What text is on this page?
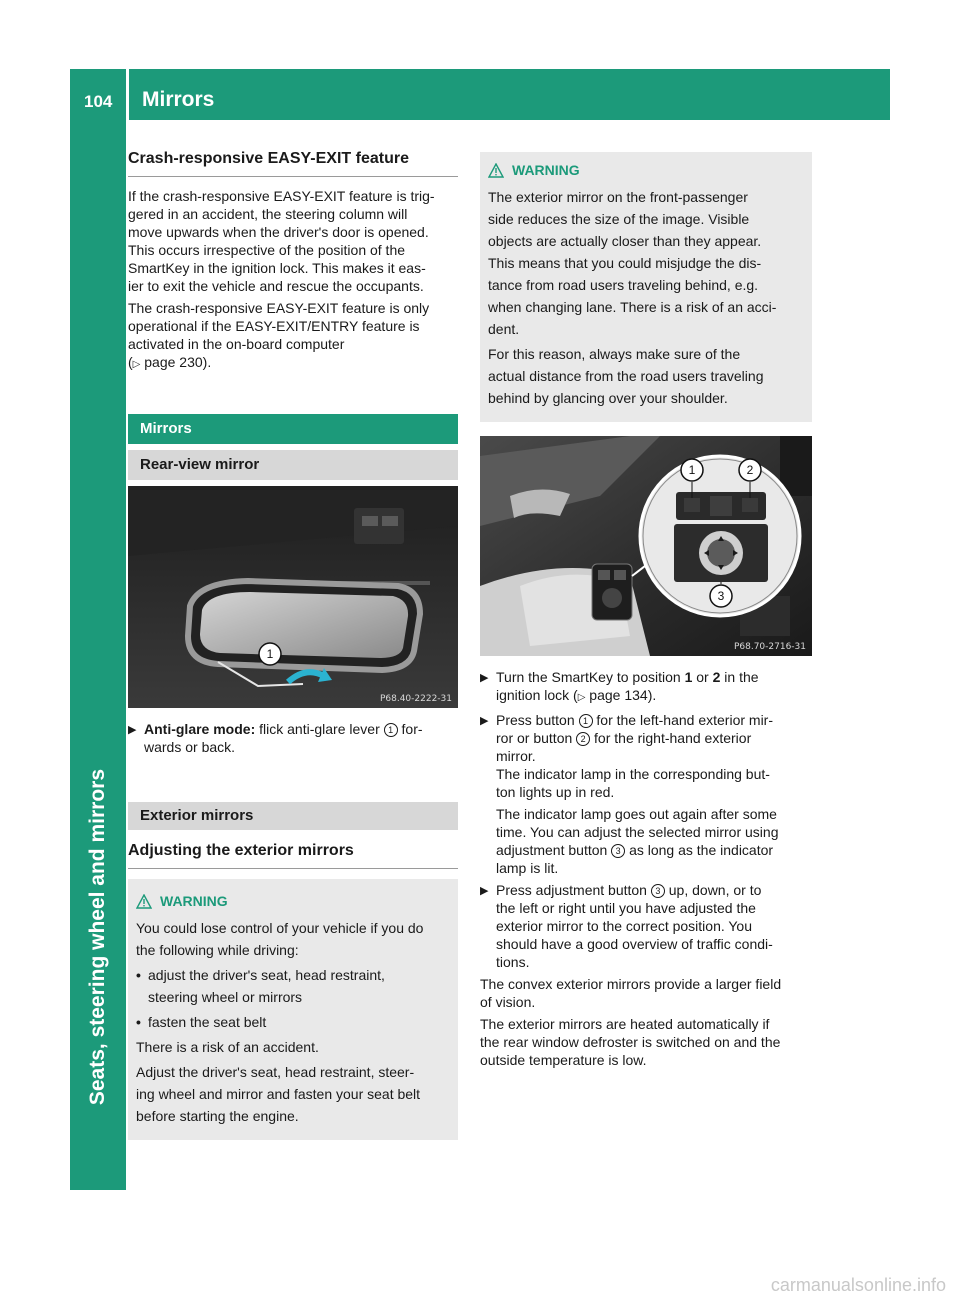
104 Mirrors
Seats, steering wheel and mirrors
Crash-responsive EASY-EXIT feature

If the crash-responsive EASY-EXIT feature is trig-
gered in an accident, the steering column will
move upwards when the driver's door is opened.
This occurs irrespective of the position of the
SmartKey in the ignition lock. This makes it eas-
ier to exit the vehicle and rescue the occupants.

The crash-responsive EASY-EXIT feature is only
operational if the EASY-EXIT/ENTRY feature is
activated in the on-board computer
(▷ page 230).

Mirrors
Rear-view mirror
1
P68.40-2222-31
▶ Anti-glare mode: flick anti-glare lever 1 for-
wards or back.
Exterior mirrors
Adjusting the exterior mirrors
WARNING

You could lose control of your vehicle if you do
the following while driving:

• adjust the driver's seat, head restraint,
steering wheel or mirrors
• fasten the seat belt

There is a risk of an accident.

Adjust the driver's seat, head restraint, steer-
ing wheel and mirror and fasten your seat belt
before starting the engine.

WARNING

The exterior mirror on the front-passenger
side reduces the size of the image. Visible
objects are actually closer than they appear.
This means that you could misjudge the dis-
tance from road users traveling behind, e.g.
when changing lane. There is a risk of an acci-
dent.

For this reason, always make sure of the
actual distance from the road users traveling
behind by glancing over your shoulder.

1	2
3
P68.70-2716-31
▶ Turn the SmartKey to position 1 or 2 in the
ignition lock (▷ page 134).
▶ Press button 1 for the left-hand exterior mir-
ror or button 2 for the right-hand exterior
mirror.
The indicator lamp in the corresponding but-
ton lights up in red.

The indicator lamp goes out again after some
time. You can adjust the selected mirror using
adjustment button 3 as long as the indicator
lamp is lit.
▶ Press adjustment button 3 up, down, or to
the left or right until you have adjusted the
exterior mirror to the correct position. You
should have a good overview of traffic condi-
tions.

The convex exterior mirrors provide a larger field
of vision.

The exterior mirrors are heated automatically if
the rear window defroster is switched on and the
outside temperature is low.

carmanualsonline.info
